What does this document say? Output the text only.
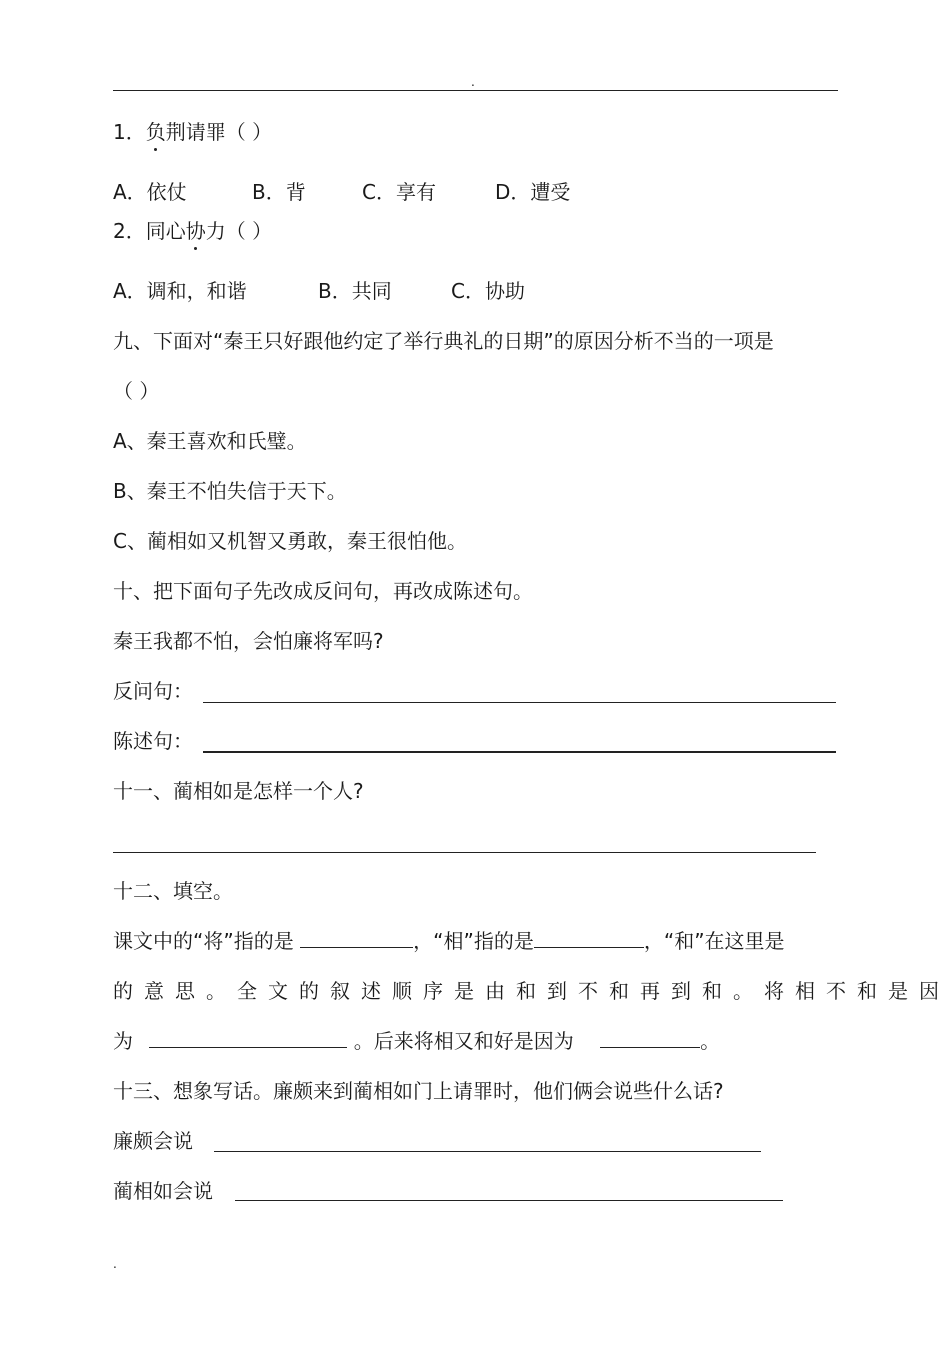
.
1．负荆请罪（ ）
A．依仗	B．背	C．享有	D．遭受
2．同心协力（ ）
A．调和，和谐	B．共同	C．协助
九、下面对“秦王只好跟他约定了举行典礼的日期”的原因分析不当的一项是
（ ）
A、秦王喜欢和氏璧。
B、秦王不怕失信于天下。
C、蔺相如又机智又勇敢，秦王很怕他。
十、把下面句子先改成反问句，再改成陈述句。
秦王我都不怕，会怕廉将军吗?
反问句：
陈述句：
十一、蔺相如是怎样一个人?
十二、填空。
课文中的“将”指的是	，“相”指的是	，“和”在这里是
的意思。全文的叙述顺序是由和到不和再到和。将相不和是因
为	。后来将相又和好是因为	。
十三、想象写话。廉颇来到蔺相如门上请罪时，他们俩会说些什么话?
廉颇会说
蔺相如会说
.
